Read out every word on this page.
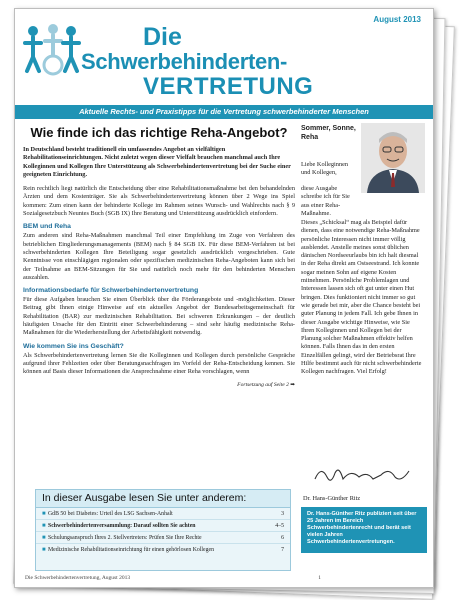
August 2013
Die
Schwerbehinderten-
VERTRETUNG
Aktuelle Rechts- und Praxistipps für die Vertretung schwerbehinderter Menschen
Wie finde ich das richtige Reha-Angebot?
In Deutschland besteht traditionell ein umfassendes Angebot an vielfältigen Rehabilitationseinrichtungen. Nicht zuletzt wegen dieser Vielfalt brauchen manchmal auch Ihre Kolleginnen und Kollegen Ihre Unterstützung als Schwerbehindertenvertretung bei der Suche einer geeigneten Einrichtung.
Rein rechtlich liegt natürlich die Entscheidung über eine Rehabilitationsmaßnahme bei den behandelnden Ärzten und dem Kostenträger. Sie als Schwerbehindertenvertretung können über 2 Wege ins Spiel kommen: Zum einen kann der behinderte Kollege im Rahmen seines Wunsch- und Wahlrechts nach § 9 Sozialgesetzbuch Neuntes Buch (SGB IX) Ihre Beratung und Unterstützung ausdrücklich einfordern.
BEM und Reha
Zum anderen sind Reha-Maßnahmen manchmal Teil einer Empfehlung im Zuge von Verfahren des betrieblichen Eingliederungsmanagements (BEM) nach § 84 SGB IX. Für diese BEM-Verfahren ist bei schwerbehinderten Kollegen Ihre Beteiligung sogar gesetzlich ausdrücklich vorgeschrieben. Gute Kenntnisse von einschlägigen regionalen oder spezifischen medizinischen Reha-Angeboten kann sich bei der Teilnahme an BEM-Sitzungen für Sie und natürlich noch mehr für den behinderten Menschen auszahlen.
Informationsbedarfe für Schwerbehindertenvertretung
Für diese Aufgaben brauchen Sie einen Überblick über die Förderangebote und -möglichkeiten. Dieser Beitrag gibt Ihnen einige Hinweise auf ein aktuelles Angebot der Bundesarbeitsgemeinschaft für Rehabilitation (BAR) zur medizinischen Rehabilitation. Bei schweren Erkrankungen – der deutlich häufigsten Ursache für den Eintritt einer Schwerbehinderung – sind sehr häufig medizinische Reha-Maßnahmen für die Wiederherstellung der Arbeitsfähigkeit notwendig.
Wie kommen Sie ins Geschäft?
Als Schwerbehindertenvertretung lernen Sie die Kolleginnen und Kollegen durch persönliche Gespräche aufgrund ihrer Fehlzeiten oder über Beratungsnachfragen im Vorfeld der Reha-Entscheidung kennen. Sie können auf Basis dieser Informationen die Ansprechnahme einer Reha vorschlagen, wenn
Fortsetzung auf Seite 2 ➡
In dieser Ausgabe lesen Sie unter anderem:
■ GdB 50 bei Diabetes: Urteil des LSG Sachsen-Anhalt	3
■ Schwerbehindertenversammlung: Darauf sollten Sie achten	4–5
■ Schulungsanspruch Ihres 2. Stellvertreters: Prüfen Sie Ihre Rechte	6
■ Medizinische Rehabilitationseinrichtung für einen gehörlosen Kollegen	7
Die Schwerbehindertenvertretung, August 2013	1
Sommer, Sonne, Reha
Liebe Kolleginnen und Kollegen,
diese Ausgabe schreibe ich für Sie aus einer Reha-Maßnahme.
Dieses „Schicksal“ mag als Beispiel dafür dienen, dass eine notwendige Reha-Maßnahme persönliche Interessen nicht immer völlig ausblendet. Anstelle meines sonst üblichen dänischen Nordseeurlaubs bin ich halt diesmal in der Reha direkt am Ostseestrand. Ich konnte sogar meinen Sohn auf eigene Kosten mitnehmen. Persönliche Problemlagen und Interessen lassen sich oft gut unter einen Hut bringen. Dies funktioniert nicht immer so gut wie gerade bei mir, aber die Chance besteht bei guter Planung in jedem Fall. Ich gebe Ihnen in dieser Ausgabe wichtige Hinweise, wie Sie Ihren Kolleginnen und Kollegen bei der Planung solcher Maßnahmen effektiv helfen können. Falls Ihnen das in den ersten Einzelfällen gelingt, wird der Betriebsrat Ihre Hilfe bestimmt auch für nicht schwerbehinderte Kollegen nachfragen. Viel Erfolg!
Dr. Hans-Günther Ritz
Dr. Hans-Günther Ritz publiziert seit über 25 Jahren im Bereich Schwerbehindertenrecht und berät seit vielen Jahren Schwerbehindertenvertretungen.
